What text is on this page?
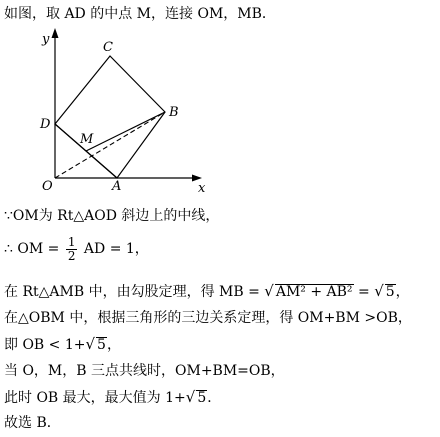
如图，取 AD 的中点 M，连接 OM，MB．
y
x
C
B
D
M
O	A
∵OM为 Rt△AOD 斜边上的中线，
∴ OM = $\frac{1}{2}$ AD = 1，
在 Rt△AMB 中，由勾股定理，得 MB = √ AM² + AB² = √ 5，
在△OBM 中，根据三角形的三边关系定理，得 OM+BM >OB，
即 OB < 1+√ 5，
当 O，M，B 三点共线时，OM+BM=OB，
此时 OB 最大，最大值为 1+√ 5．
故选 B．
